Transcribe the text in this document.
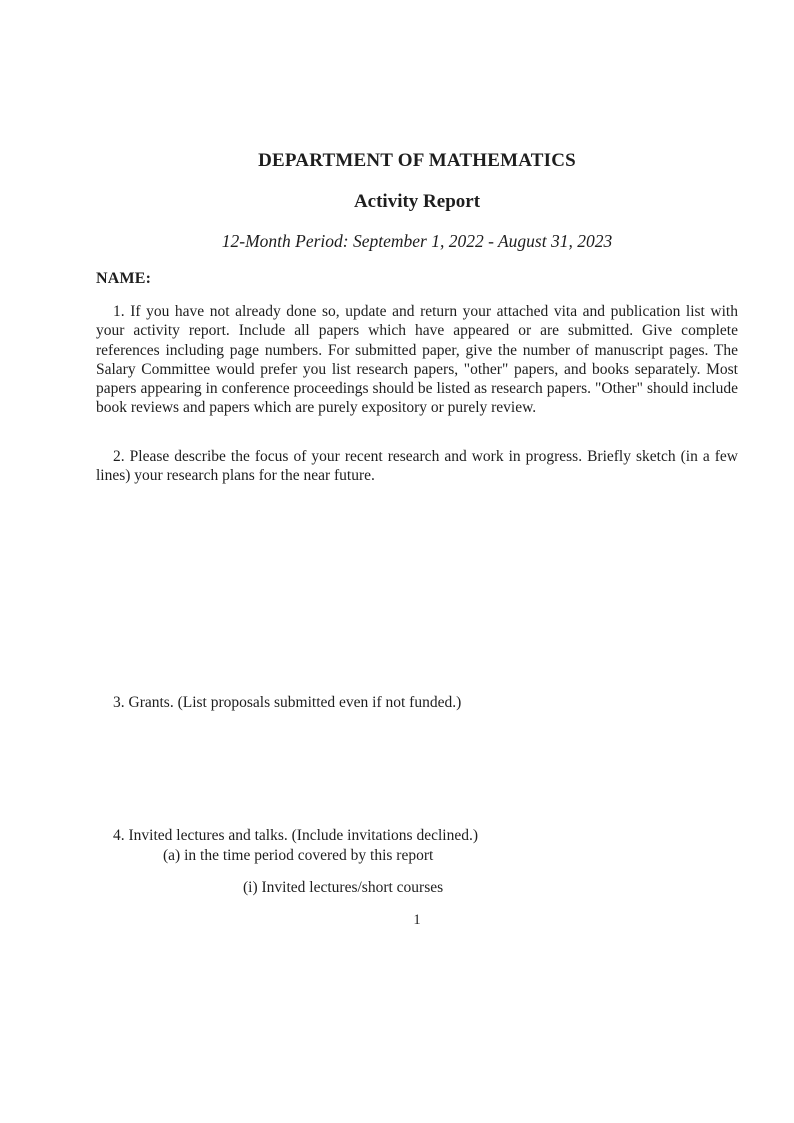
DEPARTMENT OF MATHEMATICS
Activity Report
12-Month Period: September 1, 2022 - August 31, 2023
NAME:
1. If you have not already done so, update and return your attached vita and publication list with your activity report. Include all papers which have appeared or are submitted. Give complete references including page numbers. For submitted paper, give the number of manuscript pages. The Salary Committee would prefer you list research papers, "other" papers, and books separately. Most papers appearing in conference proceedings should be listed as research papers. "Other" should include book reviews and papers which are purely expository or purely review.
2. Please describe the focus of your recent research and work in progress. Briefly sketch (in a few lines) your research plans for the near future.
3. Grants. (List proposals submitted even if not funded.)
4. Invited lectures and talks. (Include invitations declined.)
(a) in the time period covered by this report
(i) Invited lectures/short courses
1
